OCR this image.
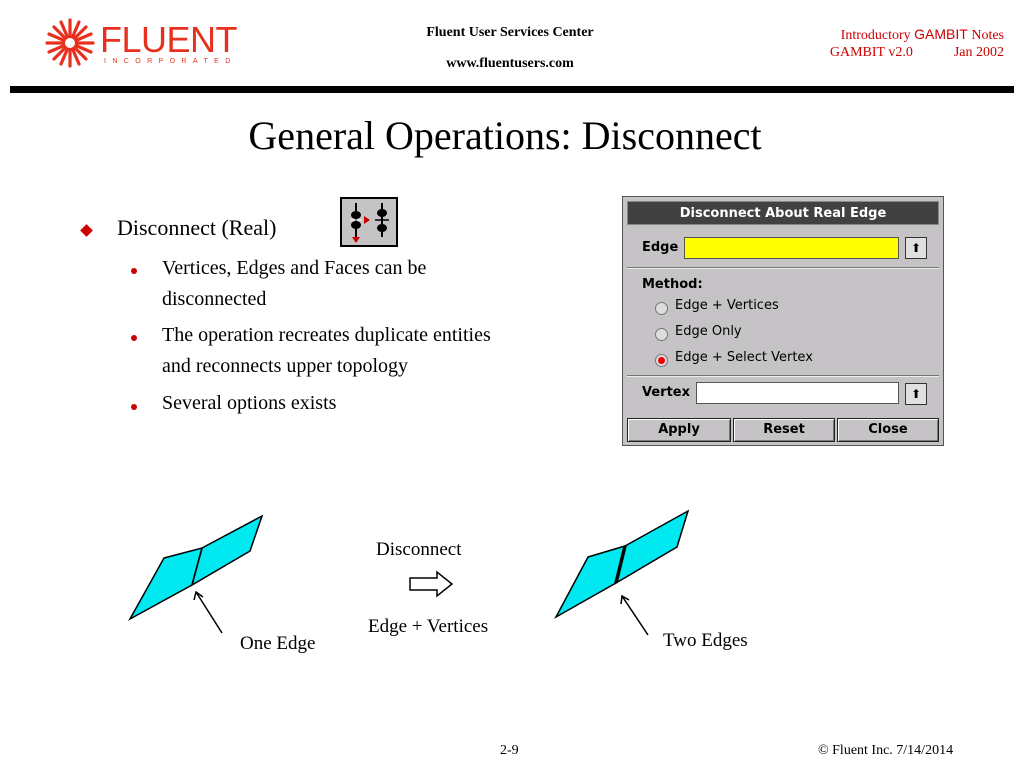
FLUENT
INCORPORATED
Fluent User Services Center
www.fluentusers.com
Introductory GAMBIT Notes
GAMBIT v2.0	Jan 2002
General Operations: Disconnect
Disconnect (Real)
Vertices, Edges and Faces can be
disconnected
The operation recreates duplicate entities
and reconnects upper topology
Several options exists
Disconnect About Real Edge
Edge	⬆
Method:
Edge + Vertices
Edge Only
Edge + Select Vertex
Vertex	⬆
Apply	Reset	Close
Disconnect
Edge + Vertices
One Edge	Two Edges
2-9	© Fluent Inc. 7/14/2014
